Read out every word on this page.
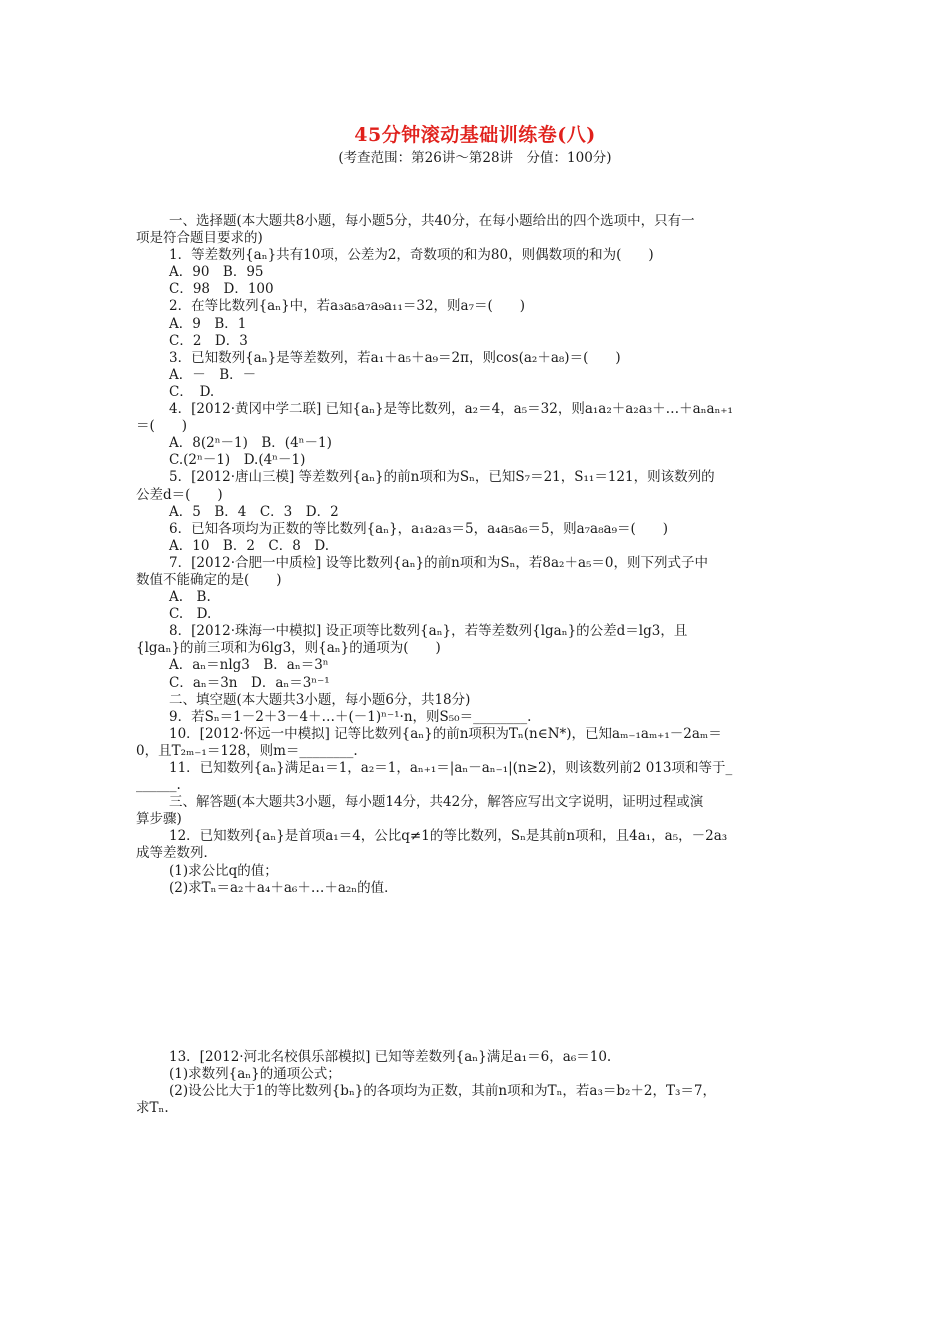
45分钟滚动基础训练卷(八)
(考查范围：第26讲～第28讲　分值：100分)
一、选择题(本大题共8小题，每小题5分，共40分，在每小题给出的四个选项中，只有一
项是符合题目要求的)
1．等差数列{aₙ}共有10项，公差为2，奇数项的和为80，则偶数项的和为(　　)
A．90　B．95
C．98　D．100
2．在等比数列{aₙ}中，若a₃a₅a₇a₉a₁₁＝32，则a₇＝(　　)
A．9　B．1
C．2　D．3
3．已知数列{aₙ}是等差数列，若a₁＋a₅＋a₉＝2π，则cos(a₂＋a₈)＝(　　)
A．－　B．－
C．　D.
4．[2012·黄冈中学二联] 已知{aₙ}是等比数列，a₂＝4，a₅＝32，则a₁a₂＋a₂a₃＋…＋aₙaₙ₊₁
＝(　　)
A．8(2ⁿ－1)　B．(4ⁿ－1)
C.(2ⁿ－1)　D.(4ⁿ－1)
5．[2012·唐山三模] 等差数列{aₙ}的前n项和为Sₙ，已知S₇＝21，S₁₁＝121，则该数列的
公差d＝(　　)
A．5　B．4　C．3　D．2
6．已知各项均为正数的等比数列{aₙ}，a₁a₂a₃＝5，a₄a₅a₆＝5，则a₇a₈a₉＝(　　)
A．10　B．2　C．8　D.
7．[2012·合肥一中质检] 设等比数列{aₙ}的前n项和为Sₙ，若8a₂＋a₅＝0，则下列式子中
数值不能确定的是(　　)
A.　B.
C.　D.
8．[2012·珠海一中模拟] 设正项等比数列{aₙ}，若等差数列{lgaₙ}的公差d＝lg3，且
{lgaₙ}的前三项和为6lg3，则{aₙ}的通项为(　　)
A．aₙ＝nlg3　B．aₙ＝3ⁿ
C．aₙ＝3n　D．aₙ＝3ⁿ⁻¹
二、填空题(本大题共3小题，每小题6分，共18分)
9．若Sₙ＝1－2＋3－4＋…＋(－1)ⁿ⁻¹·n，则S₅₀＝________.
10．[2012·怀远一中模拟] 记等比数列{aₙ}的前n项积为Tₙ(n∈N*)，已知aₘ₋₁aₘ₊₁－2aₘ＝
0，且T₂ₘ₋₁＝128，则m＝________.
11．已知数列{aₙ}满足a₁＝1，a₂＝1，aₙ₊₁＝|aₙ－aₙ₋₁|(n≥2)，则该数列前2 013项和等于_
______.
三、解答题(本大题共3小题，每小题14分，共42分，解答应写出文字说明，证明过程或演
算步骤)
12．已知数列{aₙ}是首项a₁＝4，公比q≠1的等比数列，Sₙ是其前n项和，且4a₁，a₅，－2a₃
成等差数列．
(1)求公比q的值；
(2)求Tₙ＝a₂＋a₄＋a₆＋…＋a₂ₙ的值．
13．[2012·河北名校俱乐部模拟] 已知等差数列{aₙ}满足a₁＝6，a₆＝10.
(1)求数列{aₙ}的通项公式；
(2)设公比大于1的等比数列{bₙ}的各项均为正数，其前n项和为Tₙ，若a₃＝b₂＋2，T₃＝7，
求Tₙ.
